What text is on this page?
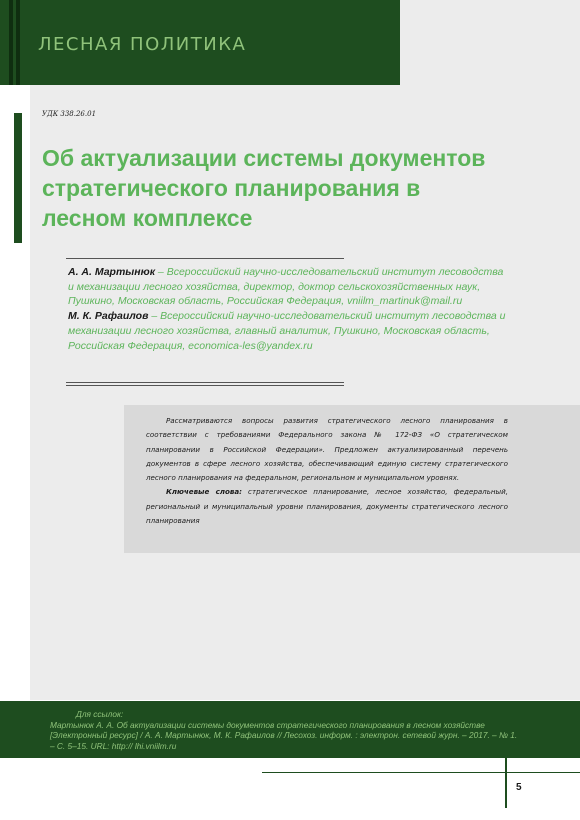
ЛЕСНАЯ ПОЛИТИКА
УДК 338.26.01
Об актуализации системы документов стратегического планирования в лесном комплексе
А. А. Мартынюк – Всероссийский научно-исследовательский институт лесоводства и механизации лесного хозяйства, директор, доктор сельскохозяйственных наук, Пушкино, Московская область, Российская Федерация, vniilm_martinuk@mail.ru
М. К. Рафаилов – Всероссийский научно-исследовательский институт лесоводства и механизации лесного хозяйства, главный аналитик, Пушкино, Московская область, Российская Федерация, economica-les@yandex.ru

Рассматриваются вопросы развития стратегического лесного планирования в соответствии с требованиями Федерального закона № 172-ФЗ «О стратегическом планировании в Российской Федерации». Предложен актуализированный перечень документов в сфере лесного хозяйства, обеспечивающий единую систему стратегического лесного планирования на федеральном, региональном и муниципальном уровнях.

Ключевые слова: стратегическое планирование, лесное хозяйство, федеральный, региональный и муниципальный уровни планирования, документы стратегического лесного планирования

Для ссылок:
Мартынюк А. А. Об актуализации системы документов стратегического планирования в лесном хозяйстве [Электронный ресурс] / А. А. Мартынюк, М. К. Рафаилов // Лесохоз. информ. : электрон. сетевой журн. – 2017. – № 1. – С. 5–15. URL: http:// lhi.vniilm.ru
5
